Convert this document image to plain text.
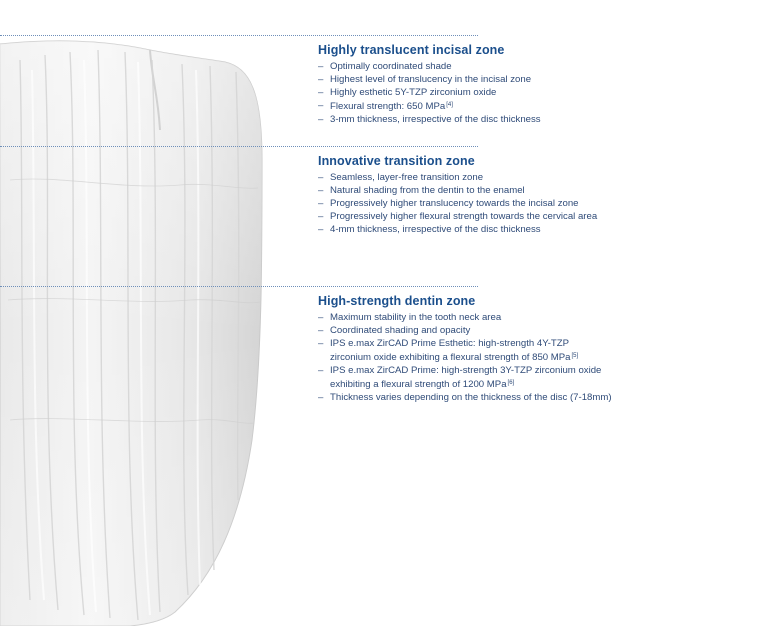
Highly translucent incisal zone
– Optimally coordinated shade
– Highest level of translucency in the incisal zone
– Highly esthetic 5Y-TZP zirconium oxide
– Flexural strength: 650 MPa[4]
– 3-mm thickness, irrespective of the disc thickness
Innovative transition zone
– Seamless, layer-free transition zone
– Natural shading from the dentin to the enamel
– Progressively higher translucency towards the incisal zone
– Progressively higher flexural strength towards the cervical area
– 4-mm thickness, irrespective of the disc thickness
High-strength dentin zone
– Maximum stability in the tooth neck area
– Coordinated shading and opacity
– IPS e.max ZirCAD Prime Esthetic: high-strength 4Y-TZP
zirconium oxide exhibiting a flexural strength of 850 MPa[5]
– IPS e.max ZirCAD Prime: high-strength 3Y-TZP zirconium oxide
exhibiting a flexural strength of 1200 MPa[6]
– Thickness varies depending on the thickness of the disc (7-18mm)
